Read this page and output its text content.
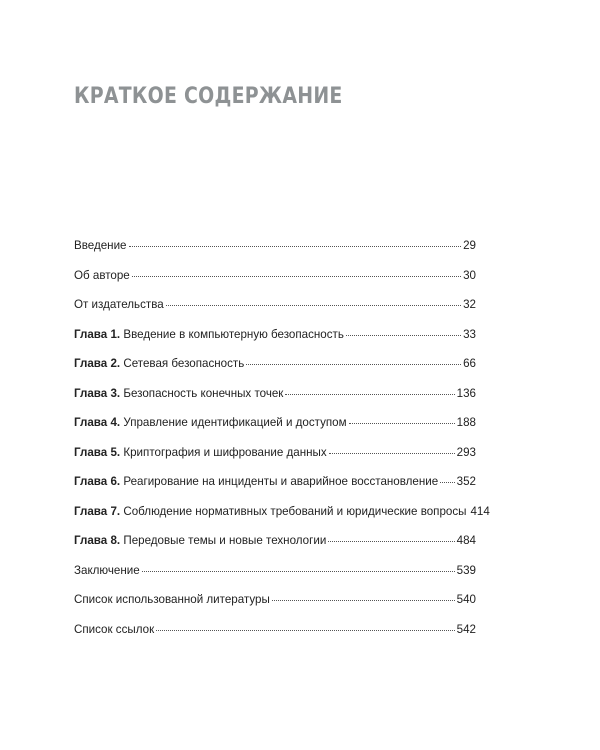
КРАТКОЕ СОДЕРЖАНИЕ
Введение	29
Об авторе	30
От издательства	32
Глава 1. Введение в компьютерную безопасность	33
Глава 2. Сетевая безопасность	66
Глава 3. Безопасность конечных точек	136
Глава 4. Управление идентификацией и доступом	188
Глава 5. Криптография и шифрование данных	293
Глава 6. Реагирование на инциденты и аварийное восстановление 352
Глава 7. Соблюдение нормативных требований и юридические вопросы 414
Глава 8. Передовые темы и новые технологии	484
Заключение	539
Список использованной литературы	540
Список ссылок	542
